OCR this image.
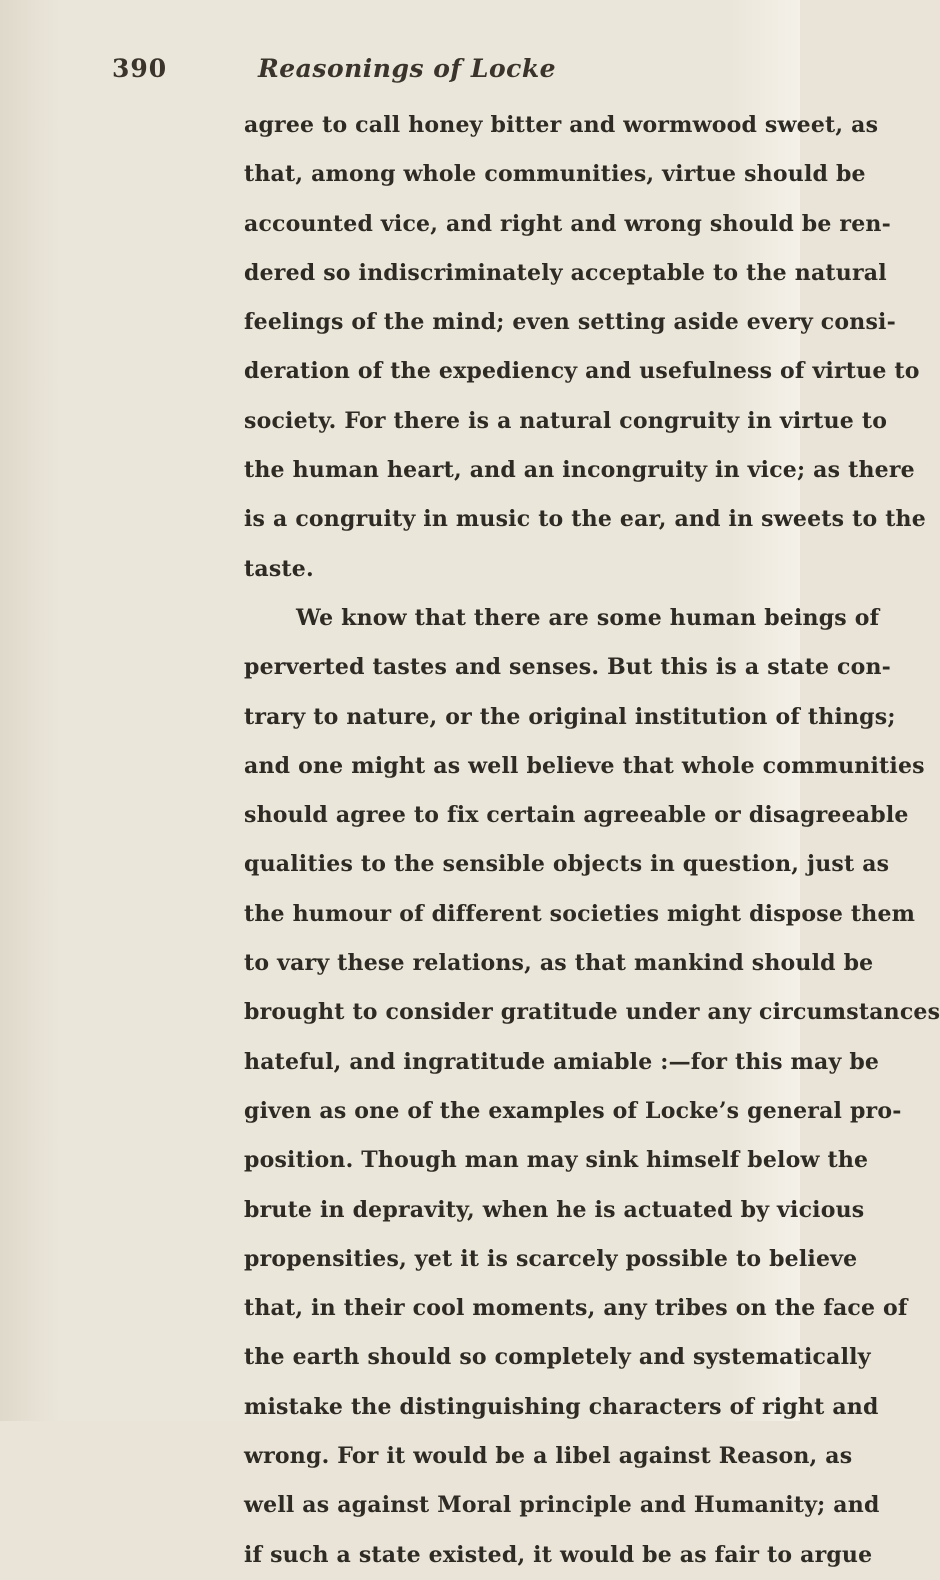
390	Reasonings of Locke
agree to call honey bitter and wormwood sweet, as
that, among whole communities, virtue should be
accounted vice, and right and wrong should be ren-
dered so indiscriminately acceptable to the natural
feelings of the mind; even setting aside every consi-
deration of the expediency and usefulness of virtue to
society. For there is a natural congruity in virtue to
the human heart, and an incongruity in vice; as there
is a congruity in music to the ear, and in sweets to the
taste.
We know that there are some human beings of
perverted tastes and senses. But this is a state con-
trary to nature, or the original institution of things;
and one might as well believe that whole communities
should agree to fix certain agreeable or disagreeable
qualities to the sensible objects in question, just as
the humour of different societies might dispose them
to vary these relations, as that mankind should be
brought to consider gratitude under any circumstances
hateful, and ingratitude amiable :—for this may be
given as one of the examples of Locke’s general pro-
position. Though man may sink himself below the
brute in depravity, when he is actuated by vicious
propensities, yet it is scarcely possible to believe
that, in their cool moments, any tribes on the face of
the earth should so completely and systematically
mistake the distinguishing characters of right and
wrong. For it would be a libel against Reason, as
well as against Moral principle and Humanity; and
if such a state existed, it would be as fair to argue
